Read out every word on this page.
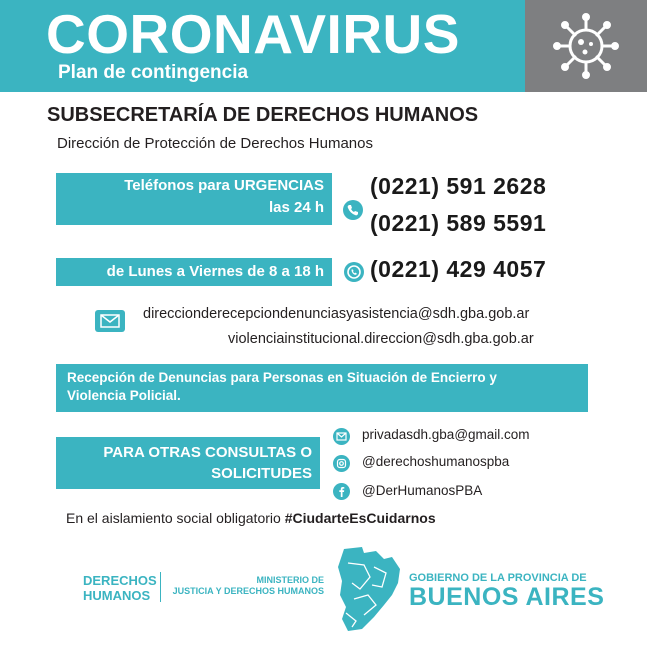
CORONAVIRUS
Plan de contingencia
SUBSECRETARÍA DE DERECHOS HUMANOS
Dirección de Protección de Derechos Humanos
Teléfonos para URGENCIAS
las 24 h
(0221) 591 2628
(0221) 589 5591
de Lunes a Viernes de 8 a 18 h (0221) 429 4057
direccionderecepciondenunciasyasistencia@sdh.gba.gob.ar
violenciainstitucional.direccion@sdh.gba.gob.ar
Recepción de Denuncias para Personas en Situación de Encierro y
Violencia Policial.
PARA OTRAS CONSULTAS O
SOLICITUDES
privadasdh.gba@gmail.com
@derechoshumanospba
@DerHumanosPBA
En el aislamiento social obligatorio #CiudarteEsCuidarnos
DERECHOS
HUMANOS
MINISTERIO DE
JUSTICIA Y DERECHOS HUMANOS
GOBIERNO DE LA PROVINCIA DE
BUENOS AIRES
